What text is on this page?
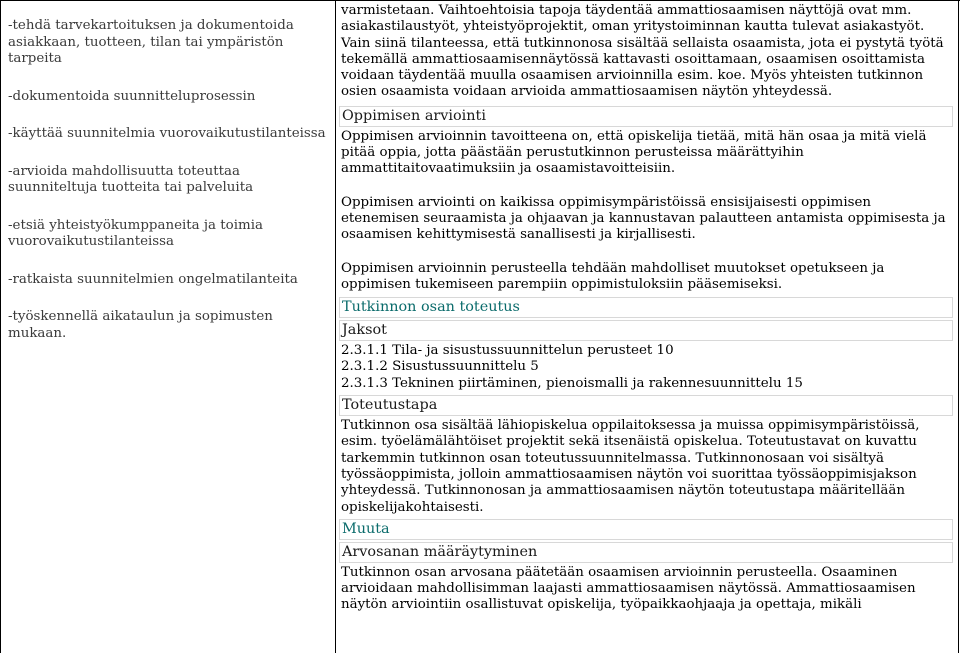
-tehdä tarvekartoituksen ja dokumentoida asiakkaan, tuotteen, tilan tai ympäristön tarpeita
-dokumentoida suunnitteluprosessin
-käyttää suunnitelmia vuorovaikutustilanteissa
-arvioida mahdollisuutta toteuttaa suunniteltuja tuotteita tai palveluita
-etsiä yhteistyökumppaneita ja toimia vuorovaikutustilanteissa
-ratkaista suunnitelmien ongelmatilanteita
-työskennellä aikataulun ja sopimusten mukaan.

varmistetaan. Vaihtoehtoisia tapoja täydentää ammattiosaamisen näyttöjä ovat mm. asiakastilaustyöt, yhteistyöprojektit, oman yritystoiminnan kautta tulevat asiakastyöt. Vain siinä tilanteessa, että tutkinnonosa sisältää sellaista osaamista, jota ei pystytä työtä tekemällä ammattiosaamisennäytössä kattavasti osoittamaan, osaamisen osoittamista voidaan täydentää muulla osaamisen arvioinnilla esim. koe. Myös yhteisten tutkinnon osien osaamista voidaan arvioida ammattiosaamisen näytön yhteydessä.

Oppimisen arviointi

Oppimisen arvioinnin tavoitteena on, että opiskelija tietää, mitä hän osaa ja mitä vielä pitää oppia, jotta päästään perustutkinnon perusteissa määrättyihin ammattitaitovaatimuksiin ja osaamistavoitteisiin.

Oppimisen arviointi on kaikissa oppimisympäristöissä ensisijaisesti oppimisen etenemisen seuraamista ja ohjaavan ja kannustavan palautteen antamista oppimisesta ja osaamisen kehittymisestä sanallisesti ja kirjallisesti.

Oppimisen arvioinnin perusteella tehdään mahdolliset muutokset opetukseen ja oppimisen tukemiseen parempiin oppimistuloksiin pääsemiseksi.

Tutkinnon osan toteutus
Jaksot

2.3.1.1 Tila- ja sisustussuunnittelun perusteet 10

2.3.1.2 Sisustussuunnittelu 5

2.3.1.3 Tekninen piirtäminen, pienoismalli ja rakennesuunnittelu 15

Toteutustapa

Tutkinnon osa sisältää lähiopiskelua oppilaitoksessa ja muissa oppimisympäristöissä, esim. työelämälähtöiset projektit sekä itsenäistä opiskelua. Toteutustavat on kuvattu tarkemmin tutkinnon osan toteutussuunnitelmassa. Tutkinnonosaan voi sisältyä työssäoppimista, jolloin ammattiosaamisen näytön voi suorittaa työssäoppimisjakson yhteydessä. Tutkinnonosan ja ammattiosaamisen näytön toteutustapa määritellään opiskelijakohtaisesti.

Muuta
Arvosanan määräytyminen

Tutkinnon osan arvosana päätetään osaamisen arvioinnin perusteella. Osaaminen arvioidaan mahdollisimman laajasti ammattiosaamisen näytössä. Ammattiosaamisen näytön arviointiin osallistuvat opiskelija, työpaikkaohjaaja ja opettaja, mikäli
